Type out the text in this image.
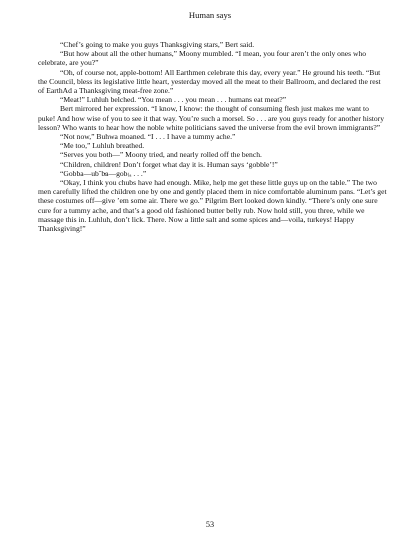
Human says

“Chef’s going to make you guys Thanksgiving stars,” Bert said.

“But how about all the other humans,” Moony mumbled. “I mean, you four aren’t the only ones who celebrate, are you?”

“Oh, of course not, apple-bottom! All Earthmen celebrate this day, every year.” He ground his teeth. “But the Council, bless its legislative little heart, yesterday moved all the meat to their Ballroom, and declared the rest of EarthAd a Thanksgiving meat-free zone.”

“Meat!” Luhluh belched. “You mean . . . you mean . . . humans eat meat?”

Bert mirrored her expression. “I know, I know: the thought of consuming flesh just makes me want to puke! And how wise of you to see it that way. You’re such a morsel. So . . . are you guys ready for another history lesson? Who wants to hear how the noble white politicians saved the universe from the evil brown immigrants?”

“Not now,” Buhwa moaned. “I . . . I have a tummy ache.”

“Me too,” Luhluh breathed.

“Serves you both—” Moony tried, and nearly rolled off the bench.

“Children, children! Don’t forget what day it is. Human says ‘gobble’!”

“Gobba—ubˇb̴a—gob₍ₐ . . .”

“Okay, I think you chubs have had enough. Mike, help me get these little guys up on the table.” The two men carefully lifted the children one by one and gently placed them in nice comfortable aluminum pans. “Let’s get these costumes off—give ’em some air. There we go.” Pilgrim Bert looked down kindly. “There’s only one sure cure for a tummy ache, and that’s a good old fashioned butter belly rub. Now hold still, you three, while we massage this in. Luhluh, don’t lick. There. Now a little salt and some spices and—voila, turkeys! Happy Thanksgiving!”

53
